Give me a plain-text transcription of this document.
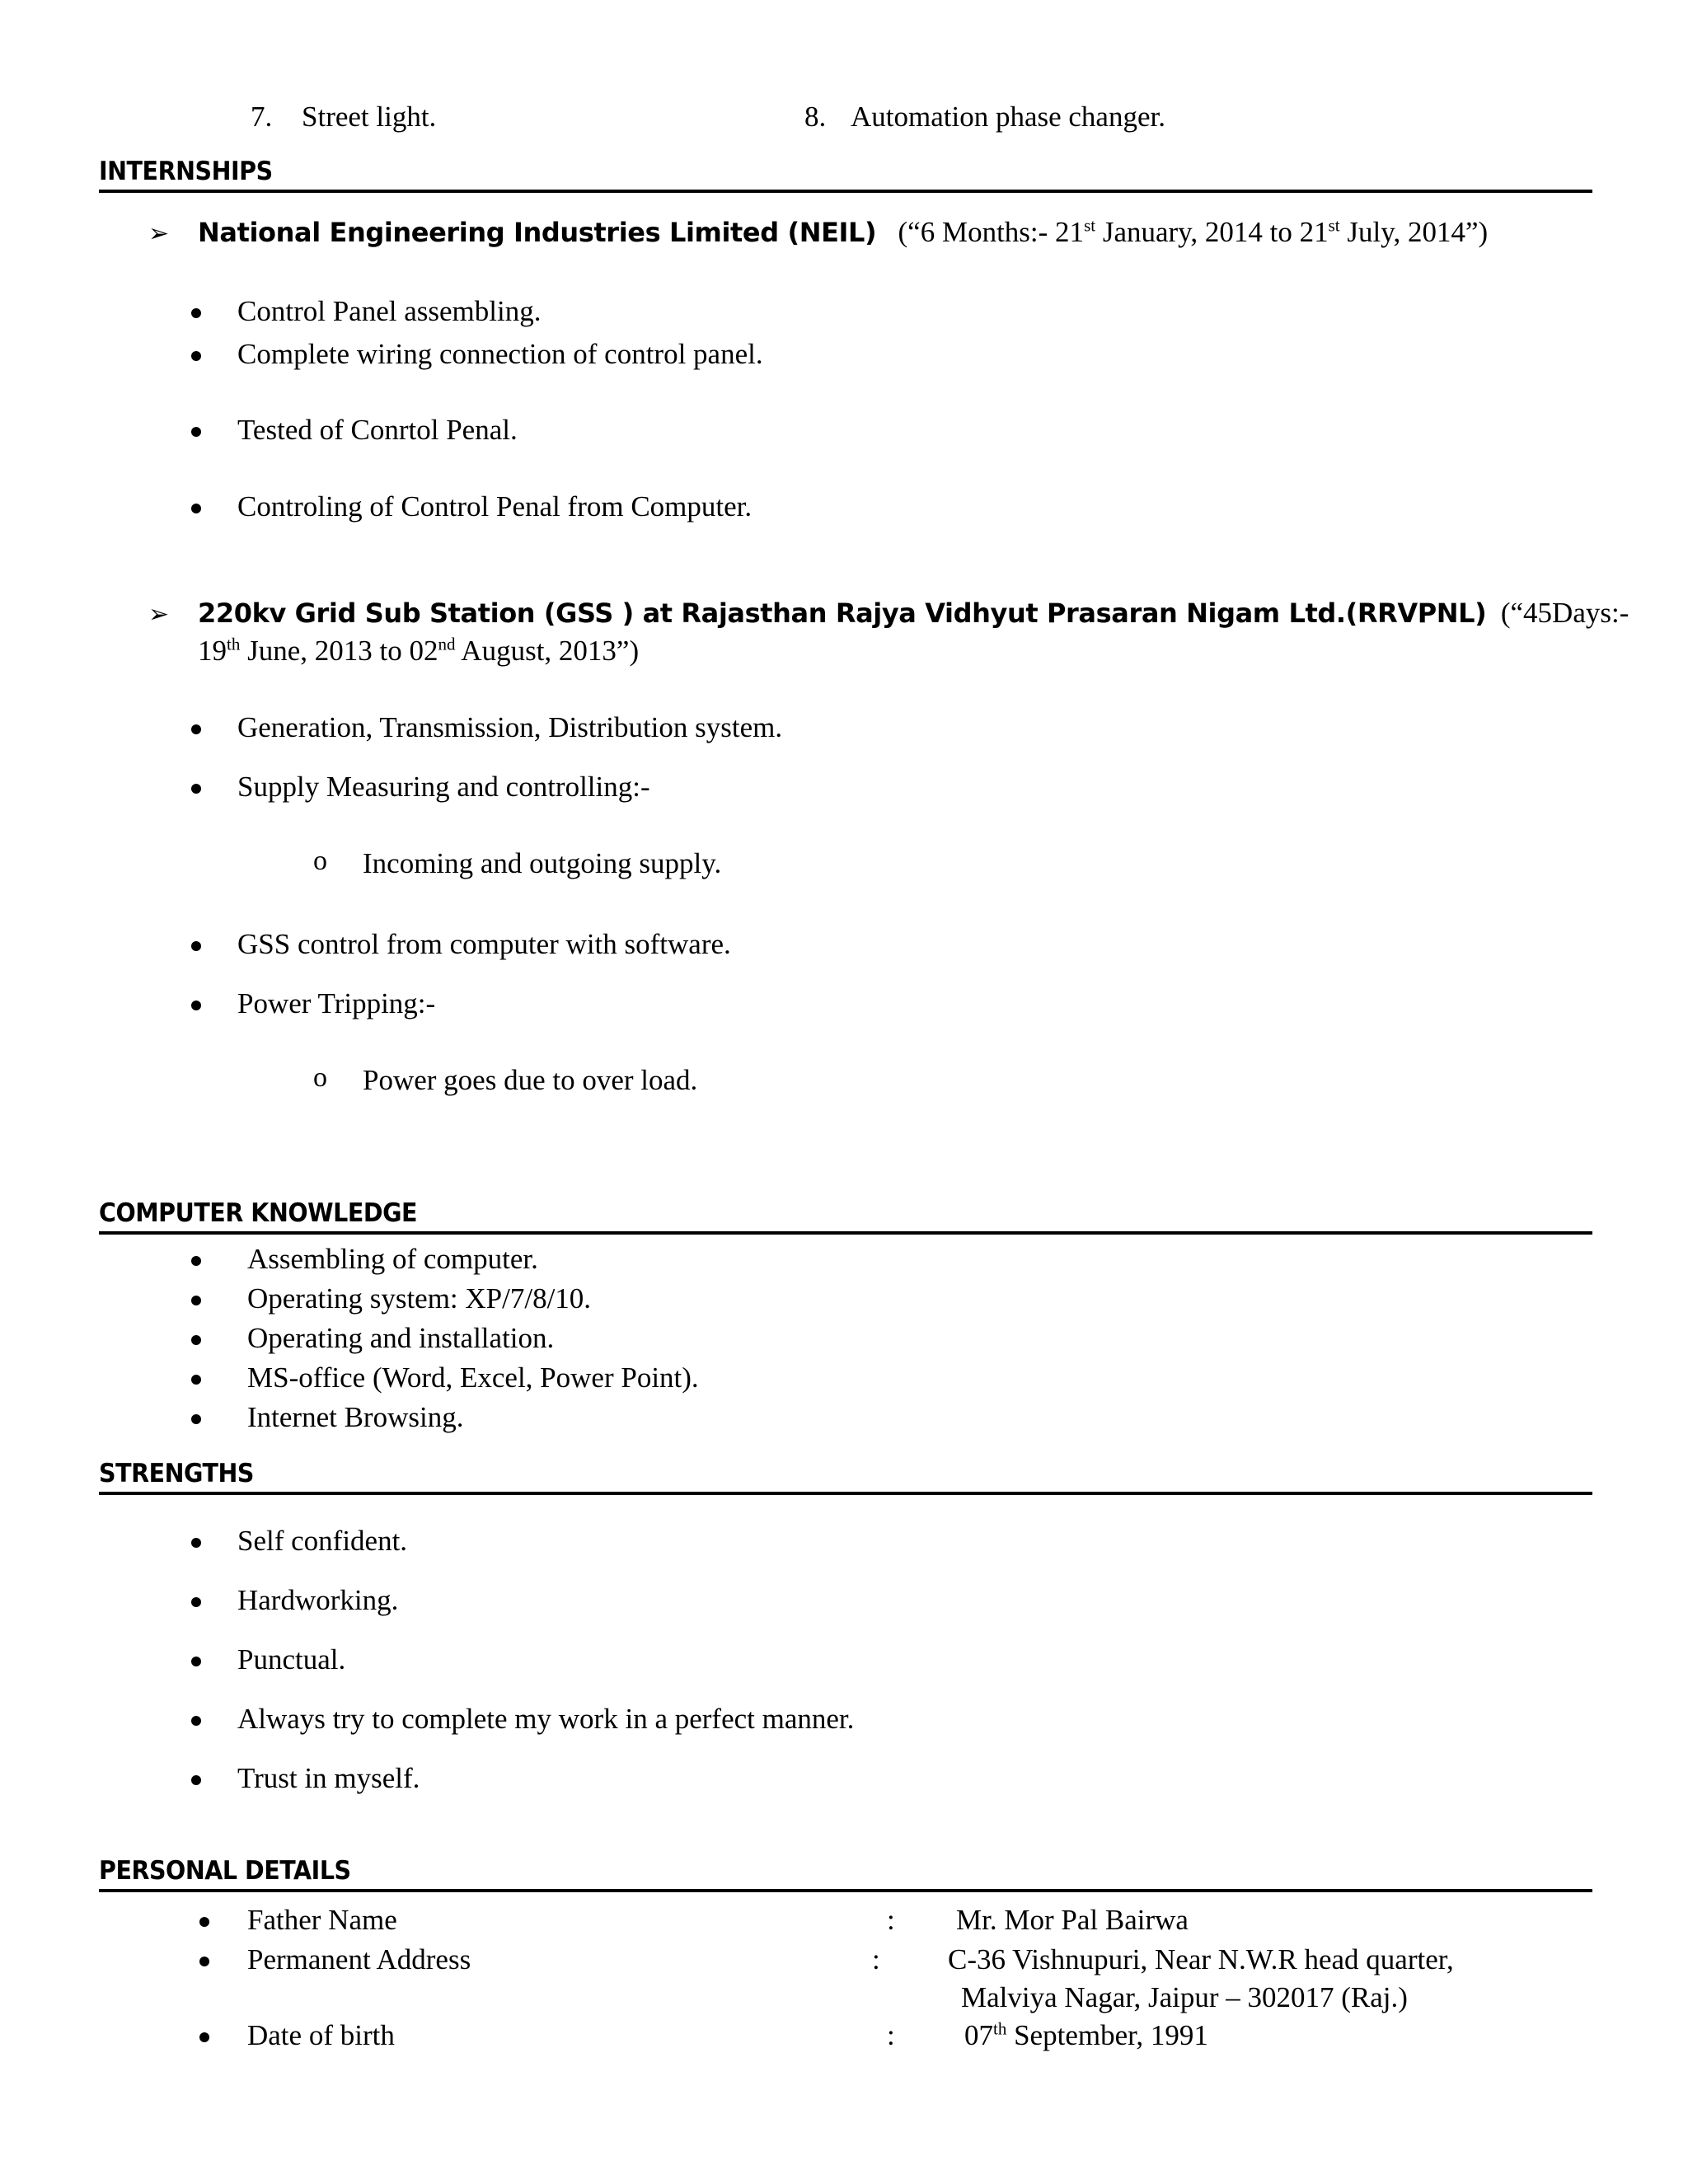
7. Street light.	8. Automation phase changer.
INTERNSHIPS
➢ National Engineering Industries Limited (NEIL) (“6 Months:- 21st January, 2014 to 21st July, 2014”)
Control Panel assembling.
Complete wiring connection of control panel.
Tested of Conrtol Penal.
Controling of Control Penal from Computer.
➢ 220kv Grid Sub Station (GSS ) at Rajasthan Rajya Vidhyut Prasaran Nigam Ltd.(RRVPNL) (“45Days:-
19th June, 2013 to 02nd August, 2013”)
Generation, Transmission, Distribution system.
Supply Measuring and controlling:-
o Incoming and outgoing supply.
GSS control from computer with software.
Power Tripping:-
o Power goes due to over load.
COMPUTER KNOWLEDGE
Assembling of computer.
Operating system: XP/7/8/10.
Operating and installation.
MS-office (Word, Excel, Power Point).
Internet Browsing.
STRENGTHS
Self confident.
Hardworking.
Punctual.
Always try to complete my work in a perfect manner.
Trust in myself.
PERSONAL DETAILS
Father Name	: Mr. Mor Pal Bairwa
Permanent Address	: C-36 Vishnupuri, Near N.W.R head quarter,
Malviya Nagar, Jaipur – 302017 (Raj.)
Date of birth	: 07th September, 1991
